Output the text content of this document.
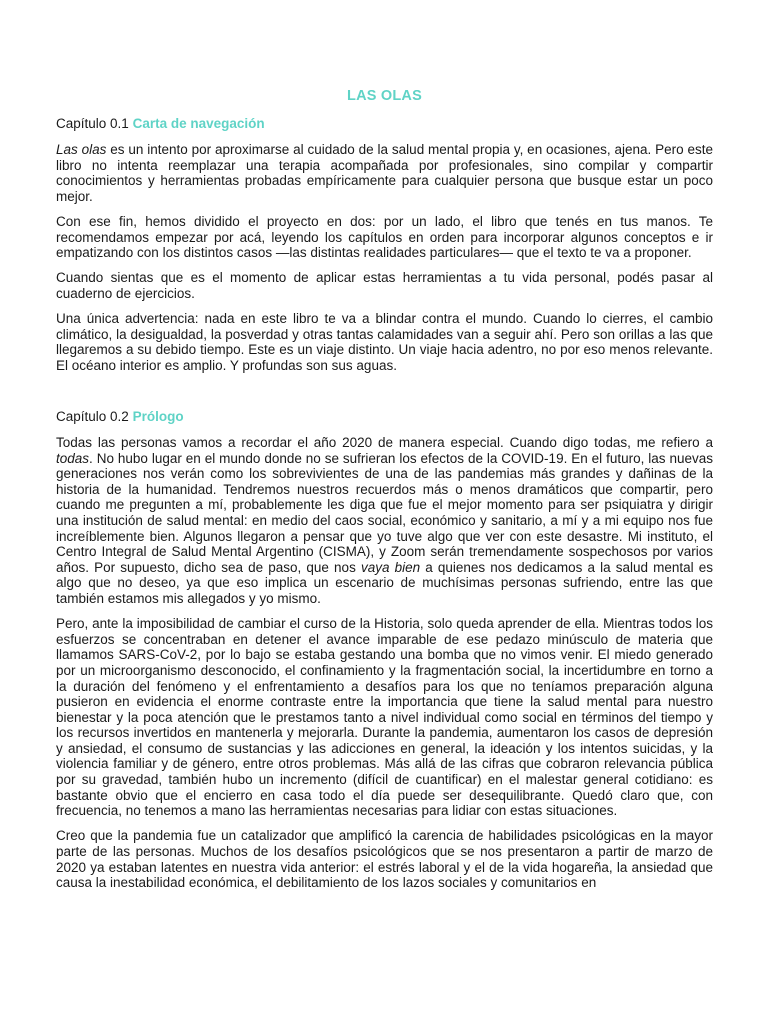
LAS OLAS
Capítulo 0.1 Carta de navegación

Las olas es un intento por aproximarse al cuidado de la salud mental propia y, en ocasiones, ajena. Pero este libro no intenta reemplazar una terapia acompañada por profesionales, sino compilar y compartir conocimientos y herramientas probadas empíricamente para cualquier persona que busque estar un poco mejor.

Con ese fin, hemos dividido el proyecto en dos: por un lado, el libro que tenés en tus manos. Te recomendamos empezar por acá, leyendo los capítulos en orden para incorporar algunos conceptos e ir empatizando con los distintos casos —las distintas realidades particulares— que el texto te va a proponer.

Cuando sientas que es el momento de aplicar estas herramientas a tu vida personal, podés pasar al cuaderno de ejercicios.

Una única advertencia: nada en este libro te va a blindar contra el mundo. Cuando lo cierres, el cambio climático, la desigualdad, la posverdad y otras tantas calamidades van a seguir ahí. Pero son orillas a las que llegaremos a su debido tiempo. Este es un viaje distinto. Un viaje hacia adentro, no por eso menos relevante. El océano interior es amplio. Y profundas son sus aguas.

Capítulo 0.2 Prólogo

Todas las personas vamos a recordar el año 2020 de manera especial. Cuando digo todas, me refiero a todas. No hubo lugar en el mundo donde no se sufrieran los efectos de la COVID-19. En el futuro, las nuevas generaciones nos verán como los sobrevivientes de una de las pandemias más grandes y dañinas de la historia de la humanidad. Tendremos nuestros recuerdos más o menos dramáticos que compartir, pero cuando me pregunten a mí, probablemente les diga que fue el mejor momento para ser psiquiatra y dirigir una institución de salud mental: en medio del caos social, económico y sanitario, a mí y a mi equipo nos fue increíblemente bien. Algunos llegaron a pensar que yo tuve algo que ver con este desastre. Mi instituto, el Centro Integral de Salud Mental Argentino (CISMA), y Zoom serán tremendamente sospechosos por varios años. Por supuesto, dicho sea de paso, que nos vaya bien a quienes nos dedicamos a la salud mental es algo que no deseo, ya que eso implica un escenario de muchísimas personas sufriendo, entre las que también estamos mis allegados y yo mismo.

Pero, ante la imposibilidad de cambiar el curso de la Historia, solo queda aprender de ella. Mientras todos los esfuerzos se concentraban en detener el avance imparable de ese pedazo minúsculo de materia que llamamos SARS-CoV-2, por lo bajo se estaba gestando una bomba que no vimos venir. El miedo generado por un microorganismo desconocido, el confinamiento y la fragmentación social, la incertidumbre en torno a la duración del fenómeno y el enfrentamiento a desafíos para los que no teníamos preparación alguna pusieron en evidencia el enorme contraste entre la importancia que tiene la salud mental para nuestro bienestar y la poca atención que le prestamos tanto a nivel individual como social en términos del tiempo y los recursos invertidos en mantenerla y mejorarla. Durante la pandemia, aumentaron los casos de depresión y ansiedad, el consumo de sustancias y las adicciones en general, la ideación y los intentos suicidas, y la violencia familiar y de género, entre otros problemas. Más allá de las cifras que cobraron relevancia pública por su gravedad, también hubo un incremento (difícil de cuantificar) en el malestar general cotidiano: es bastante obvio que el encierro en casa todo el día puede ser desequilibrante. Quedó claro que, con frecuencia, no tenemos a mano las herramientas necesarias para lidiar con estas situaciones.

Creo que la pandemia fue un catalizador que amplificó la carencia de habilidades psicológicas en la mayor parte de las personas. Muchos de los desafíos psicológicos que se nos presentaron a partir de marzo de 2020 ya estaban latentes en nuestra vida anterior: el estrés laboral y el de la vida hogareña, la ansiedad que causa la inestabilidad económica, el debilitamiento de los lazos sociales y comunitarios en
